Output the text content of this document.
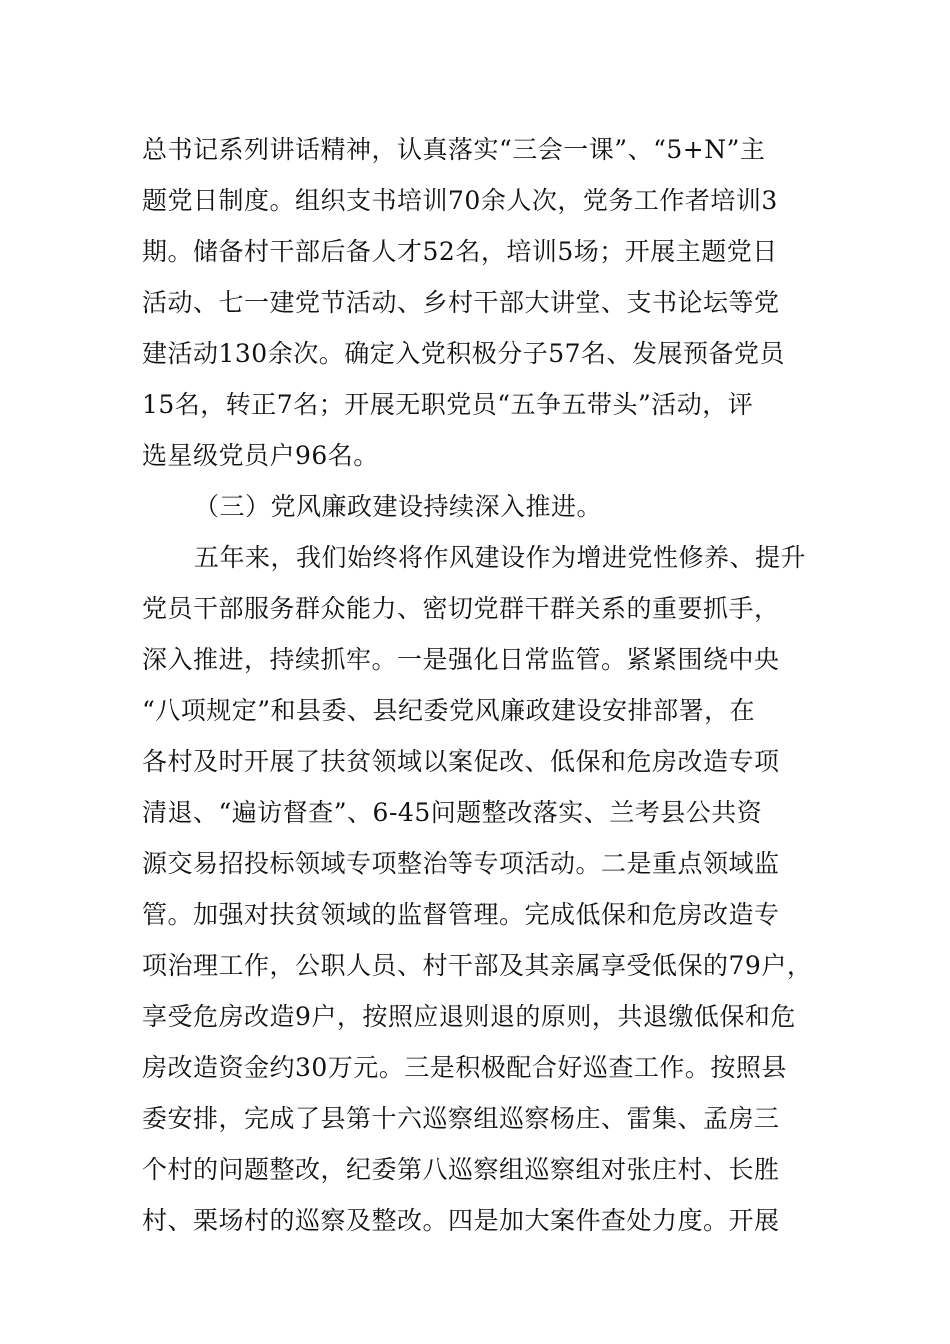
总书记系列讲话精神，认真落实“三会一课”、“5+N”主
题党日制度。组织支书培训70余人次，党务工作者培训3
期。储备村干部后备人才52名，培训5场；开展主题党日
活动、七一建党节活动、乡村干部大讲堂、支书论坛等党
建活动130余次。确定入党积极分子57名、发展预备党员
15名，转正7名；开展无职党员“五争五带头”活动，评
选星级党员户96名。
（三）党风廉政建设持续深入推进。
五年来，我们始终将作风建设作为增进党性修养、提升
党员干部服务群众能力、密切党群干群关系的重要抓手，
深入推进，持续抓牢。一是强化日常监管。紧紧围绕中央
“八项规定”和县委、县纪委党风廉政建设安排部署，在
各村及时开展了扶贫领域以案促改、低保和危房改造专项
清退、“遍访督查”、6-45问题整改落实、兰考县公共资
源交易招投标领域专项整治等专项活动。二是重点领域监
管。加强对扶贫领域的监督管理。完成低保和危房改造专
项治理工作，公职人员、村干部及其亲属享受低保的79户，
享受危房改造9户，按照应退则退的原则，共退缴低保和危
房改造资金约30万元。三是积极配合好巡查工作。按照县
委安排，完成了县第十六巡察组巡察杨庄、雷集、孟房三
个村的问题整改，纪委第八巡察组巡察组对张庄村、长胜
村、栗场村的巡察及整改。四是加大案件查处力度。开展
